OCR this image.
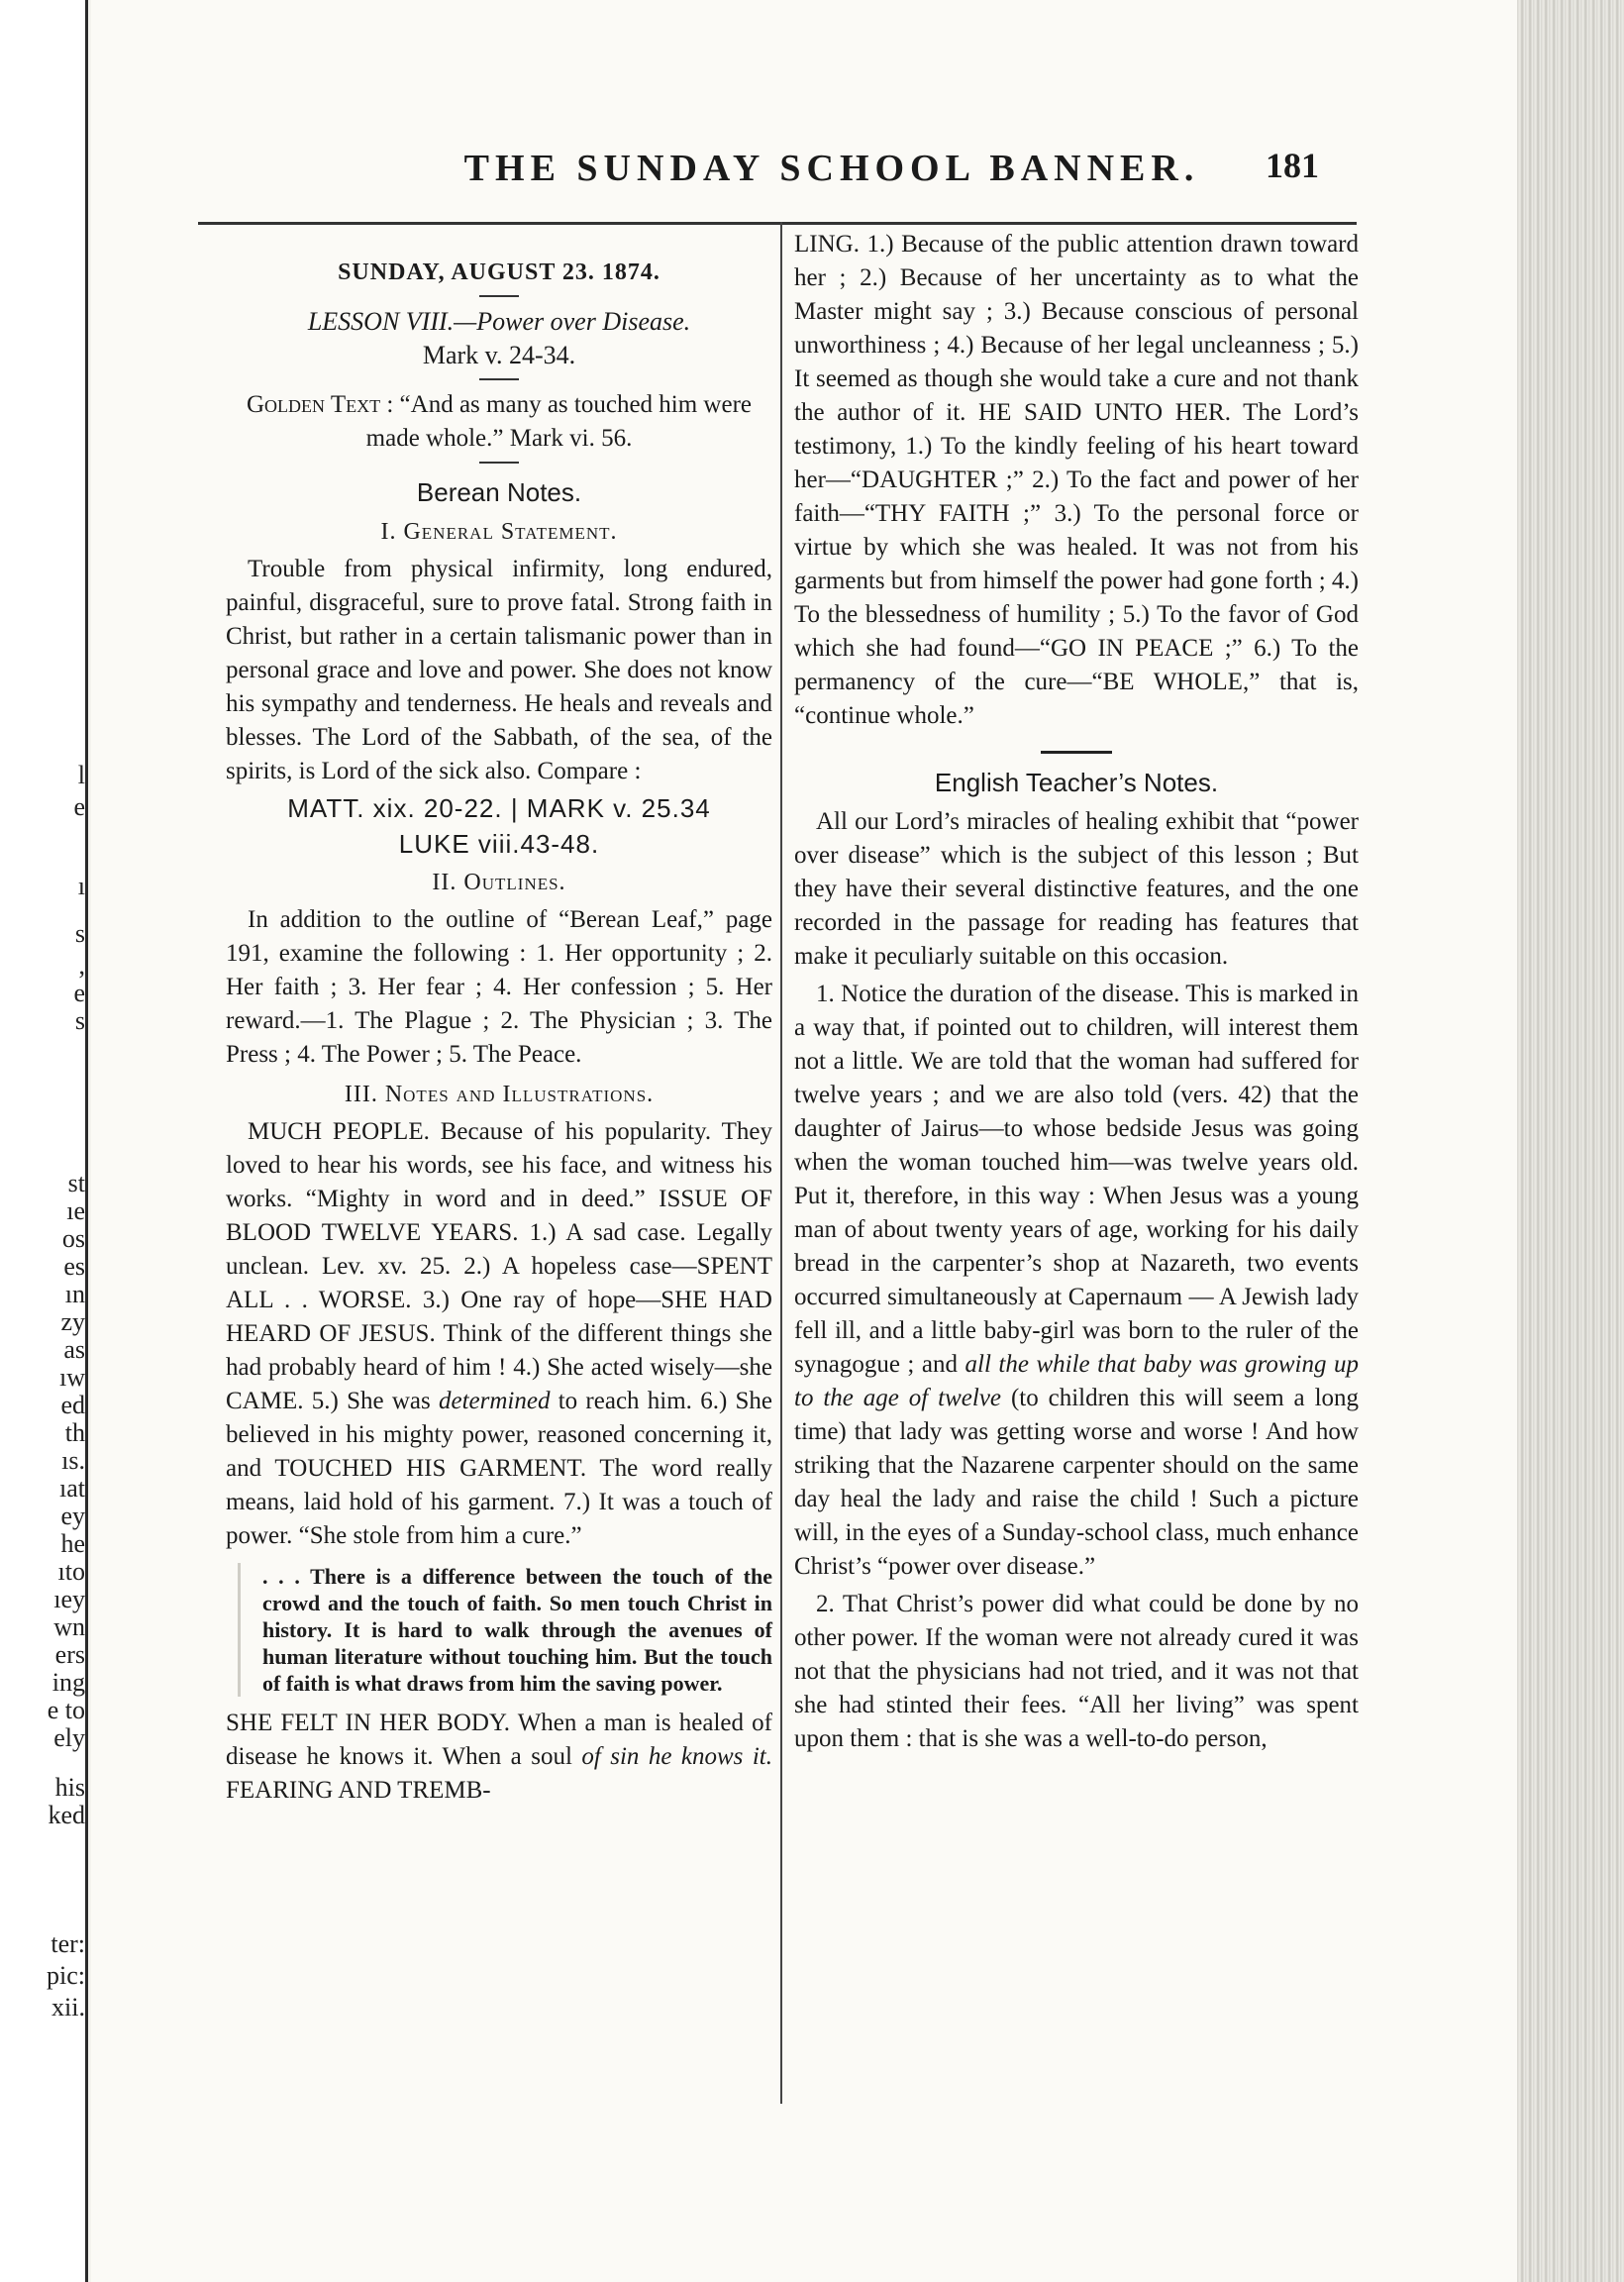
l
e
ı
s
,
e
s
st
ıe
os
es
ın
zy
as
ıw
ed
th
ıs.
ıat
ey
he
ıto
ıey
wn
ers
ing
e to
ely
his
ked
ter:
pic:
xii.
THE SUNDAY SCHOOL BANNER.	181
SUNDAY, AUGUST 23. 1874.
LESSON VIII.—Power over Disease.
Mark v. 24-34.
Golden Text : “And as many as touched him were made whole.” Mark vi. 56.
Berean Notes.
I. General Statement.

Trouble from physical infirmity, long endured, painful, disgraceful, sure to prove fatal. Strong faith in Christ, but rather in a certain talismanic power than in personal grace and love and power. She does not know his sympathy and tenderness. He heals and reveals and blesses. The Lord of the Sabbath, of the sea, of the spirits, is Lord of the sick also. Compare :

MATT. xix. 20-22. | MARK v. 25.34
LUKE viii.43-48.
II. Outlines.

In addition to the outline of “Berean Leaf,” page 191, examine the following : 1. Her opportunity ; 2. Her faith ; 3. Her fear ; 4. Her confession ; 5. Her reward.—1. The Plague ; 2. The Physician ; 3. The Press ; 4. The Power ; 5. The Peace.

III. Notes and Illustrations.

MUCH PEOPLE. Because of his popularity. They loved to hear his words, see his face, and witness his works. “Mighty in word and in deed.” ISSUE OF BLOOD TWELVE YEARS. 1.) A sad case. Legally unclean. Lev. xv. 25. 2.) A hopeless case—SPENT ALL . . WORSE. 3.) One ray of hope—SHE HAD HEARD OF JESUS. Think of the different things she had probably heard of him ! 4.) She acted wisely—she CAME. 5.) She was determined to reach him. 6.) She believed in his mighty power, reasoned concerning it, and TOUCHED HIS GARMENT. The word really means, laid hold of his garment. 7.) It was a touch of power. “She stole from him a cure.”

. . . There is a difference between the touch of the crowd and the touch of faith. So men touch Christ in history. It is hard to walk through the avenues of human literature without touching him. But the touch of faith is what draws from him the saving power.

SHE FELT IN HER BODY. When a man is healed of disease he knows it. When a soul of sin he knows it. FEARING AND TREMB-

LING. 1.) Because of the public attention drawn toward her ; 2.) Because of her uncertainty as to what the Master might say ; 3.) Because conscious of personal unworthiness ; 4.) Because of her legal uncleanness ; 5.) It seemed as though she would take a cure and not thank the author of it. HE SAID UNTO HER. The Lord’s testimony, 1.) To the kindly feeling of his heart toward her—“DAUGHTER ;” 2.) To the fact and power of her faith—“THY FAITH ;” 3.) To the personal force or virtue by which she was healed. It was not from his garments but from himself the power had gone forth ; 4.) To the blessedness of humility ; 5.) To the favor of God which she had found—“GO IN PEACE ;” 6.) To the permanency of the cure—“BE WHOLE,” that is, “continue whole.”

English Teacher’s Notes.

All our Lord’s miracles of healing exhibit that “power over disease” which is the subject of this lesson ; But they have their several distinctive features, and the one recorded in the passage for reading has features that make it peculiarly suitable on this occasion.

1. Notice the duration of the disease. This is marked in a way that, if pointed out to children, will interest them not a little. We are told that the woman had suffered for twelve years ; and we are also told (vers. 42) that the daughter of Jairus—to whose bedside Jesus was going when the woman touched him—was twelve years old. Put it, therefore, in this way : When Jesus was a young man of about twenty years of age, working for his daily bread in the carpenter’s shop at Nazareth, two events occurred simultaneously at Capernaum — A Jewish lady fell ill, and a little baby-girl was born to the ruler of the synagogue ; and all the while that baby was growing up to the age of twelve (to children this will seem a long time) that lady was getting worse and worse ! And how striking that the Nazarene carpenter should on the same day heal the lady and raise the child ! Such a picture will, in the eyes of a Sunday-school class, much enhance Christ’s “power over disease.”

2. That Christ’s power did what could be done by no other power. If the woman were not already cured it was not that the physicians had not tried, and it was not that she had stinted their fees. “All her living” was spent upon them : that is she was a well-to-do person,
